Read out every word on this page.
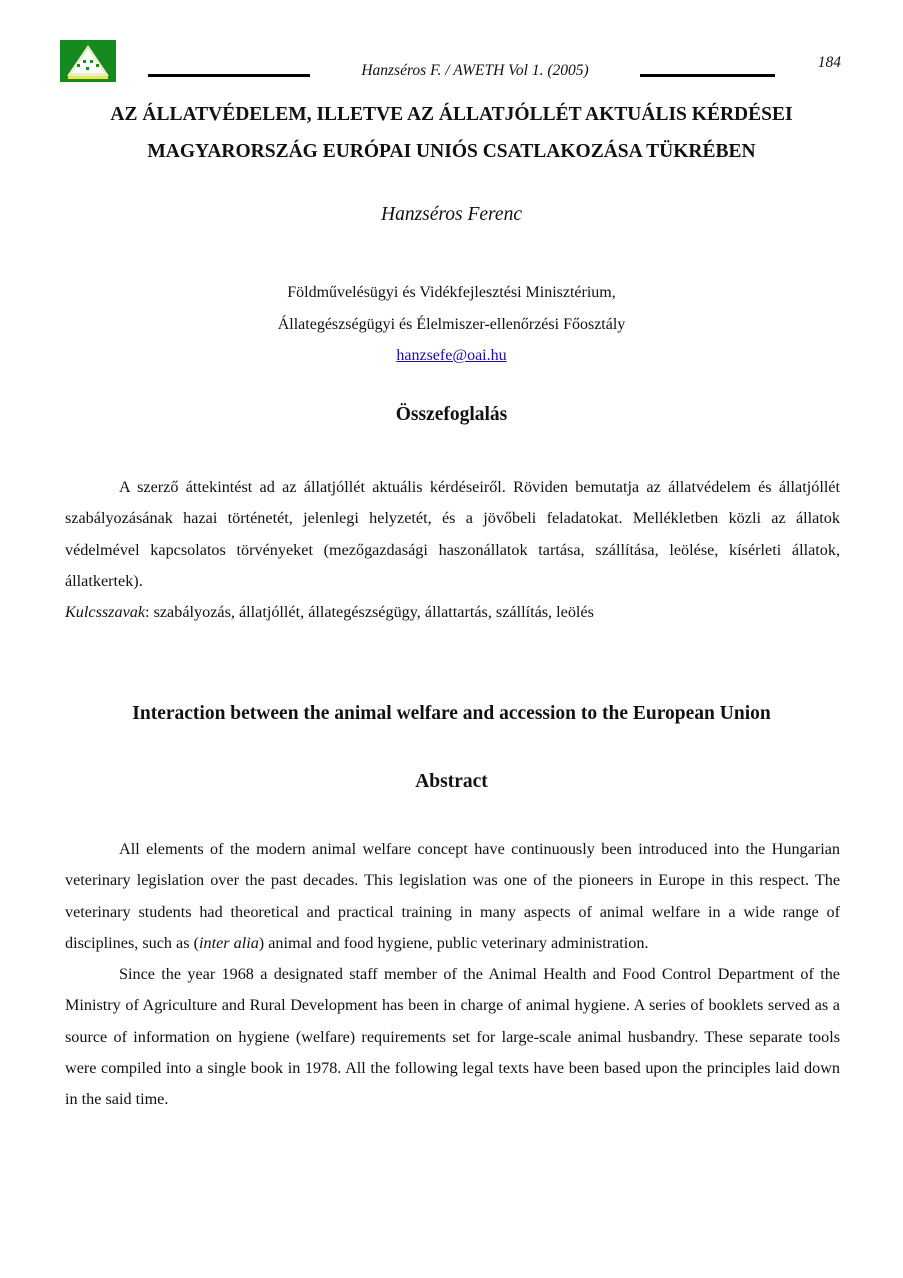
Hanzséros F. / AWETH Vol 1. (2005)	184
AZ ÁLLATVÉDELEM, ILLETVE AZ ÁLLATJÓLLÉT AKTUÁLIS KÉRDÉSEI
MAGYARORSZÁG EURÓPAI UNIÓS CSATLAKOZÁSA TÜKRÉBEN
Hanzséros Ferenc
Földművelésügyi és Vidékfejlesztési Minisztérium,
Állategészségügyi és Élelmiszer-ellenőrzési Főosztály
hanzsefe@oai.hu
Összefoglalás

A szerző áttekintést ad az állatjóllét aktuális kérdéseiről. Röviden bemutatja az állatvédelem és állatjóllét szabályozásának hazai történetét, jelenlegi helyzetét, és a jövőbeli feladatokat. Mellékletben közli az állatok védelmével kapcsolatos törvényeket (mezőgazdasági haszonállatok tartása, szállítása, leölése, kísérleti állatok, állatkertek).

Kulcsszavak: szabályozás, állatjóllét, állategészségügy, állattartás, szállítás, leölés

Interaction between the animal welfare and accession to the European Union
Abstract

All elements of the modern animal welfare concept have continuously been introduced into the Hungarian veterinary legislation over the past decades. This legislation was one of the pioneers in Europe in this respect. The veterinary students had theoretical and practical training in many aspects of animal welfare in a wide range of disciplines, such as (inter alia) animal and food hygiene, public veterinary administration.

Since the year 1968 a designated staff member of the Animal Health and Food Control Department of the Ministry of Agriculture and Rural Development has been in charge of animal hygiene. A series of booklets served as a source of information on hygiene (welfare) requirements set for large-scale animal husbandry. These separate tools were compiled into a single book in 1978. All the following legal texts have been based upon the principles laid down in the said time.
